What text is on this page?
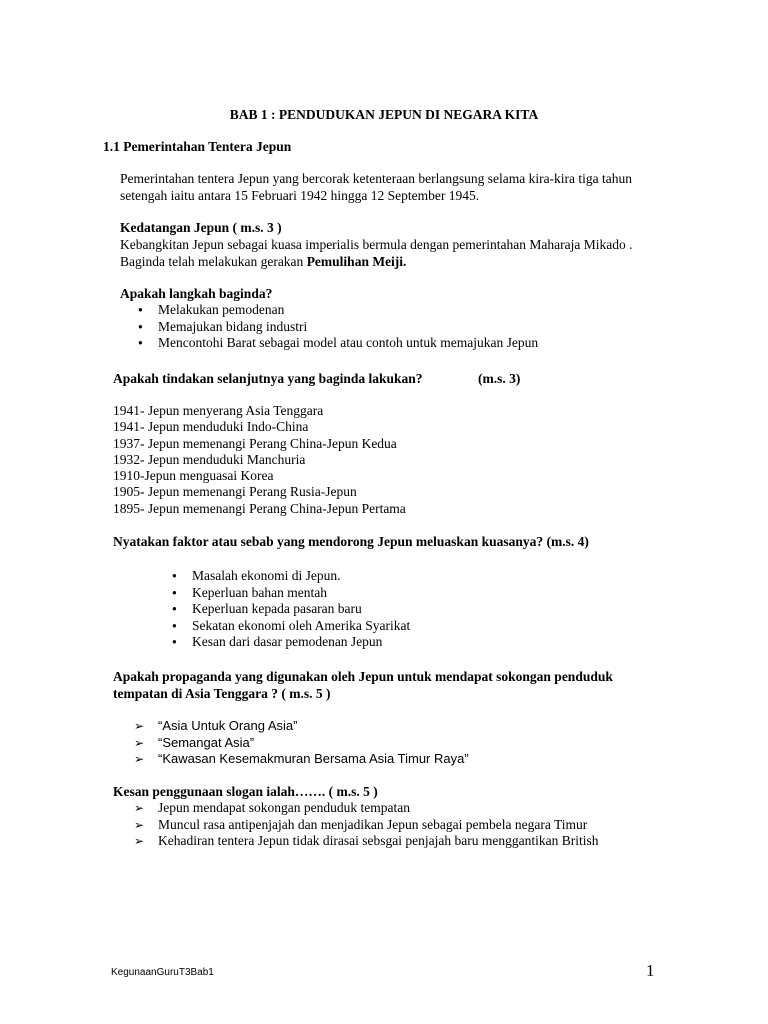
BAB 1 : PENDUDUKAN JEPUN DI NEGARA KITA
1.1 Pemerintahan Tentera Jepun
Pemerintahan tentera Jepun yang bercorak ketenteraan berlangsung selama kira-kira tiga tahun
setengah iaitu antara 15 Februari 1942 hingga 12 September 1945.
Kedatangan Jepun ( m.s. 3 )
Kebangkitan Jepun sebagai kuasa imperialis bermula dengan pemerintahan Maharaja Mikado .
Baginda telah melakukan gerakan Pemulihan Meiji.
Apakah langkah baginda?
● Melakukan pemodenan
● Memajukan bidang industri
● Mencontohi Barat sebagai model atau contoh untuk memajukan Jepun
Apakah tindakan selanjutnya yang baginda lakukan?	(m.s. 3)
1941- Jepun menyerang Asia Tenggara
1941- Jepun menduduki Indo-China
1937- Jepun memenangi Perang China-Jepun Kedua
1932- Jepun menduduki Manchuria
1910-Jepun menguasai Korea
1905- Jepun memenangi Perang Rusia-Jepun
1895- Jepun memenangi Perang China-Jepun Pertama
Nyatakan faktor atau sebab yang mendorong Jepun meluaskan kuasanya? (m.s. 4)
● Masalah ekonomi di Jepun.
● Keperluan bahan mentah
● Keperluan kepada pasaran baru
● Sekatan ekonomi oleh Amerika Syarikat
● Kesan dari dasar pemodenan Jepun
Apakah propaganda yang digunakan oleh Jepun untuk mendapat sokongan penduduk
tempatan di Asia Tenggara ? ( m.s. 5 )
➢ “Asia Untuk Orang Asia”
➢ “Semangat Asia”
➢ “Kawasan Kesemakmuran Bersama Asia Timur Raya”
Kesan penggunaan slogan ialah……. ( m.s. 5 )
➢ Jepun mendapat sokongan penduduk tempatan
➢ Muncul rasa antipenjajah dan menjadikan Jepun sebagai pembela negara Timur
➢ Kehadiran tentera Jepun tidak dirasai sebsgai penjajah baru menggantikan British
KegunaanGuruT3Bab1	1
